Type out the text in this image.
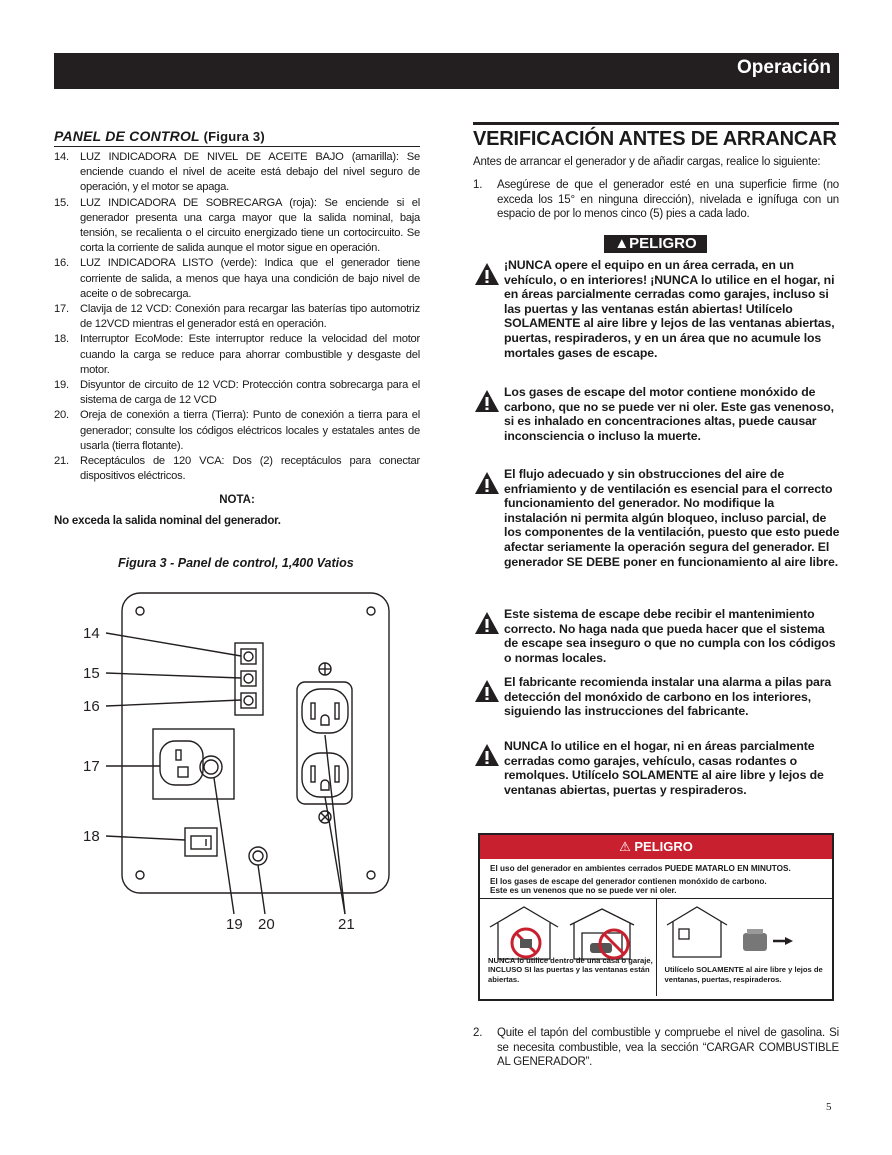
Operación
PANEL DE CONTROL (Figura 3)
14. LUZ INDICADORA DE NIVEL DE ACEITE BAJO (amarilla): Se enciende cuando el nivel de aceite está debajo del nivel seguro de operación, y el motor se apaga.
15. LUZ INDICADORA DE SOBRECARGA (roja): Se enciende si el generador presenta una carga mayor que la salida nominal, baja tensión, se recalienta o el circuito energizado tiene un cortocircuito. Se corta la corriente de salida aunque el motor sigue en operación.
16. LUZ INDICADORA LISTO (verde): Indica que el generador tiene corriente de salida, a menos que haya una condición de bajo nivel de aceite o de sobrecarga.
17. Clavija de 12 VCD: Conexión para recargar las baterías tipo automotriz de 12VCD mientras el generador está en operación.
18. Interruptor EcoMode: Este interruptor reduce la velocidad del motor cuando la carga se reduce para ahorrar combustible y desgaste del motor.
19. Disyuntor de circuito de 12 VCD: Protección contra sobrecarga para el sistema de carga de 12 VCD
20. Oreja de conexión a tierra (Tierra): Punto de conexión a tierra para el generador; consulte los códigos eléctricos locales y estatales antes de usarla (tierra flotante).
21. Receptáculos de 120 VCA: Dos (2) receptáculos para conectar dispositivos eléctricos.
NOTA:
No exceda la salida nominal del generador.
Figura 3 - Panel de control, 1,400 Vatios
14
15
16
17
18
19 20	21
VERIFICACIÓN ANTES DE ARRANCAR
Antes de arrancar el generador y de añadir cargas, realice lo siguiente:
1.	Asegúrese de que el generador esté en una superficie firme (no exceda los 15° en ninguna dirección), nivelada e ignífuga con un espacio de por lo menos cinco (5) pies a cada lado.
▲PELIGRO
¡NUNCA opere el equipo en un área cerrada, en un vehículo, o en interiores! ¡NUNCA lo utilice en el hogar, ni en áreas parcialmente cerradas como garajes, incluso si las puertas y las ventanas están abiertas! Utilícelo SOLAMENTE al aire libre y lejos de las ventanas abiertas, puertas, respiraderos, y en un área que no acumule los mortales gases de escape.
Los gases de escape del motor contiene monóxido de carbono, que no se puede ver ni oler. Este gas venenoso, si es inhalado en concentraciones altas, puede causar inconsciencia o incluso la muerte.
El flujo adecuado y sin obstrucciones del aire de enfriamiento y de ventilación es esencial para el correcto funcionamiento del generador. No modifique la instalación ni permita algún bloqueo, incluso parcial, de los componentes de la ventilación, puesto que esto puede afectar seriamente la operación segura del generador. El generador SE DEBE poner en funcionamiento al aire libre.
Este sistema de escape debe recibir el mantenimiento correcto. No haga nada que pueda hacer que el sistema de escape sea inseguro o que no cumpla con los códigos o normas locales.
El fabricante recomienda instalar una alarma a pilas para detección del monóxido de carbono en los interiores, siguiendo las instrucciones del fabricante.
NUNCA lo utilice en el hogar, ni en áreas parcialmente cerradas como garajes, vehículo, casas rodantes o remolques. Utilícelo SOLAMENTE al aire libre y lejos de ventanas abiertas, puertas y respiraderos.
⚠ PELIGRO
El uso del generador en ambientes cerrados PUEDE MATARLO EN MINUTOS.
El los gases de escape del generador contienen monóxido de carbono.
Este es un venenos que no se puede ver ni oler.
NUNCA lo utilice dentro de una casa o garaje, INCLUSO SI las puertas y las ventanas están abiertas.
Utilícelo SOLAMENTE al aire libre y lejos de ventanas, puertas, respiraderos.
2.	Quite el tapón del combustible y compruebe el nivel de gasolina. Si se necesita combustible, vea la sección “CARGAR COMBUSTIBLE AL GENERADOR”.
5
